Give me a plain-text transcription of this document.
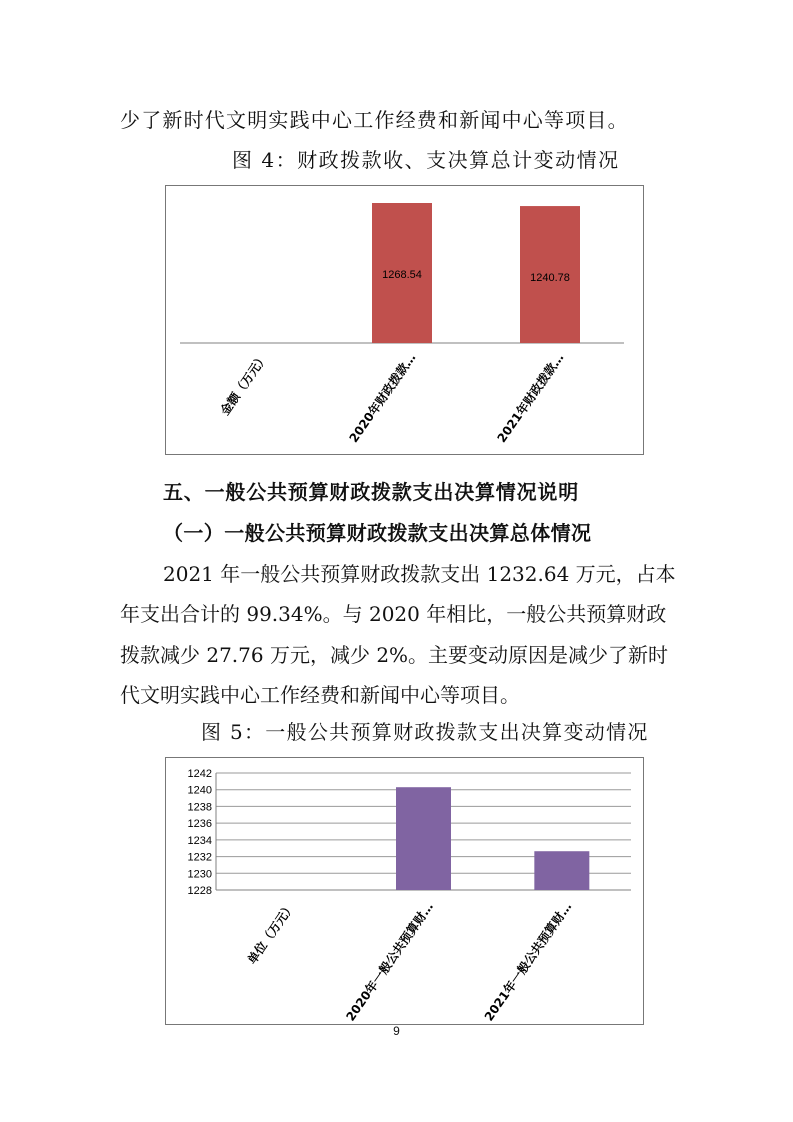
少了新时代文明实践中心工作经费和新闻中心等项目。
图 4：财政拨款收、支决算总计变动情况
金额（万元）
1268.54
2020年财政拨款…
1240.78
2021年财政拨款…
五、一般公共预算财政拨款支出决算情况说明
（一）一般公共预算财政拨款支出决算总体情况
2021 年一般公共预算财政拨款支出 1232.64 万元，占本
年支出合计的 99.34%。与 2020 年相比，一般公共预算财政
拨款减少 27.76 万元，减少 2%。主要变动原因是减少了新时
代文明实践中心工作经费和新闻中心等项目。
图 5：一般公共预算财政拨款支出决算变动情况
1228
1230
1232
1234
1236
1238
1240
1242
单位（万元）	2020年一般公共预算财…	2021年一般公共预算财…
9
